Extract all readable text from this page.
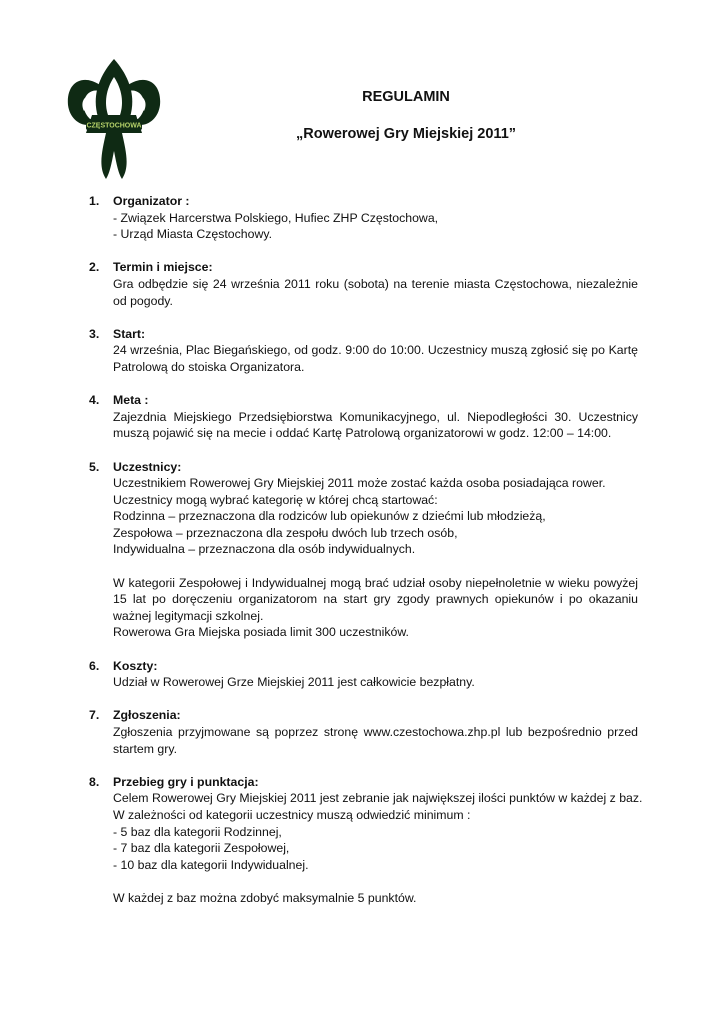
CZĘSTOCHOWA
REGULAMIN
„Rowerowej Gry Miejskiej 2011”
1. Organizator :
- Związek Harcerstwa Polskiego, Hufiec ZHP Częstochowa,
- Urząd Miasta Częstochowy.
2. Termin i miejsce:
Gra odbędzie się 24 września 2011 roku (sobota) na terenie miasta Częstochowa, niezależnie od pogody.
3. Start:
24 września, Plac Biegańskiego, od godz. 9:00 do 10:00. Uczestnicy muszą zgłosić się po Kartę Patrolową do stoiska Organizatora.
4. Meta :
Zajezdnia Miejskiego Przedsiębiorstwa Komunikacyjnego, ul. Niepodległości 30. Uczestnicy muszą pojawić się na mecie i oddać Kartę Patrolową organizatorowi w godz. 12:00 – 14:00.
5. Uczestnicy:
Uczestnikiem Rowerowej Gry Miejskiej 2011 może zostać każda osoba posiadająca rower.
Uczestnicy mogą wybrać kategorię w której chcą startować:
Rodzinna – przeznaczona dla rodziców lub opiekunów z dziećmi lub młodzieżą,
Zespołowa – przeznaczona dla zespołu dwóch lub trzech osób,
Indywidualna – przeznaczona dla osób indywidualnych.
W kategorii Zespołowej i Indywidualnej mogą brać udział osoby niepełnoletnie w wieku powyżej 15 lat po doręczeniu organizatorom na start gry zgody prawnych opiekunów i po okazaniu ważnej legitymacji szkolnej.
Rowerowa Gra Miejska posiada limit 300 uczestników.
6. Koszty:
Udział w Rowerowej Grze Miejskiej 2011 jest całkowicie bezpłatny.
7. Zgłoszenia:
Zgłoszenia przyjmowane są poprzez stronę www.czestochowa.zhp.pl lub bezpośrednio przed startem gry.
8. Przebieg gry i punktacja:
Celem Rowerowej Gry Miejskiej 2011 jest zebranie jak największej ilości punktów w każdej z baz.
W zależności od kategorii uczestnicy muszą odwiedzić minimum :
- 5 baz dla kategorii Rodzinnej,
- 7 baz dla kategorii Zespołowej,
- 10 baz dla kategorii Indywidualnej.
W każdej z baz można zdobyć maksymalnie 5 punktów.
